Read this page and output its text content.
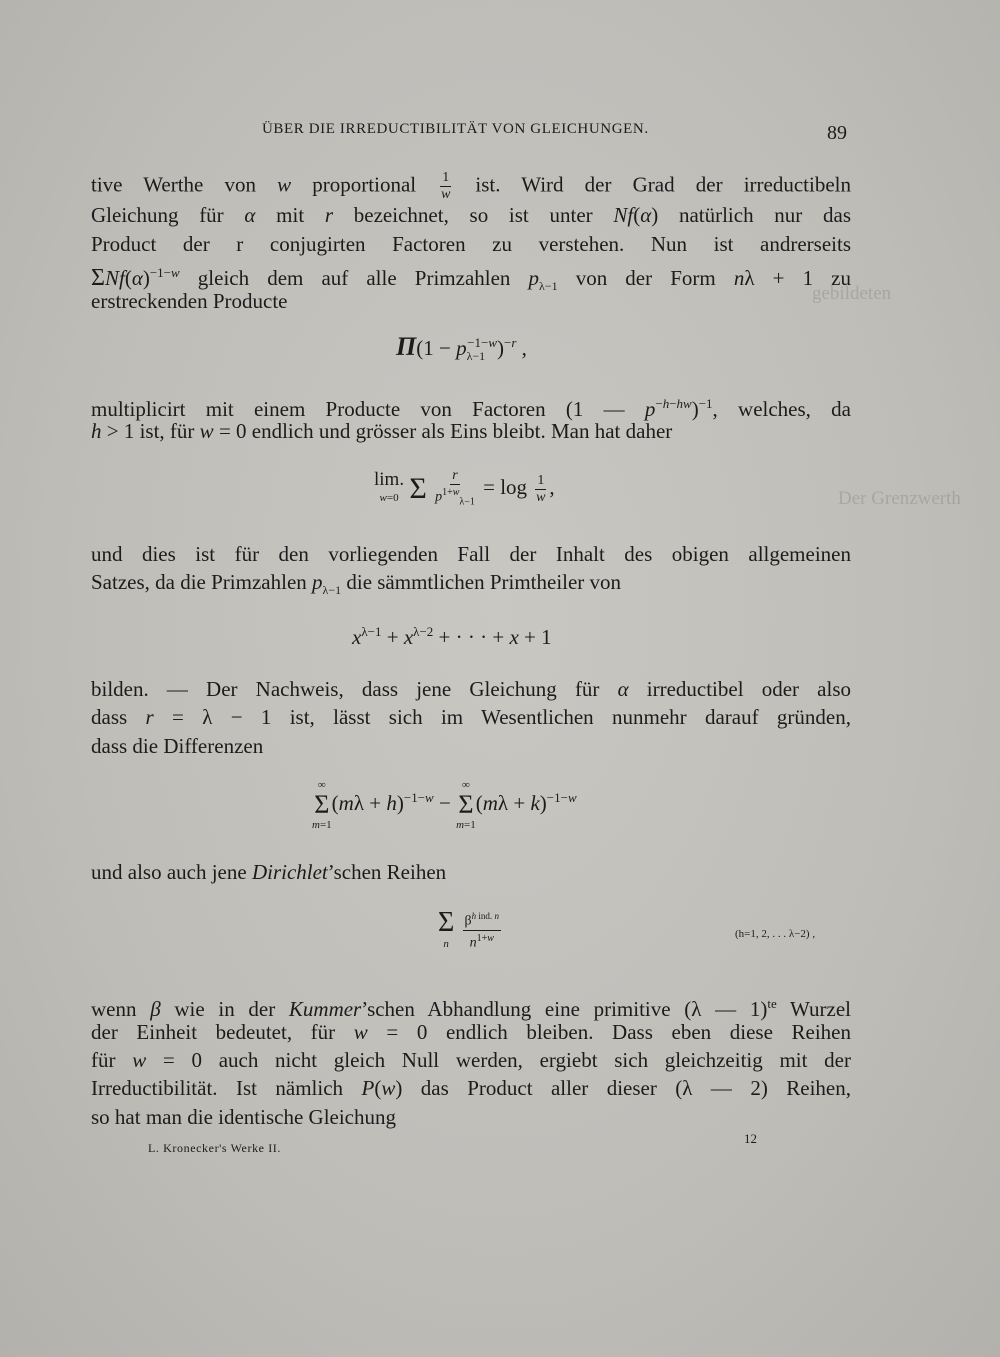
gebildeten
Der Grenzwerth
ÜBER DIE IRREDUCTIBILITÄT VON GLEICHUNGEN.	89
tive Werthe von w proportional $\frac{1}{w}$ ist. Wird der Grad der irreductibeln
Gleichung für α mit r bezeichnet, so ist unter Nf(α) natürlich nur das
Product der r conjugirten Factoren zu verstehen. Nun ist andrerseits
$\Sigma Nf(\alpha)^{-1-w}$ gleich dem auf alle Primzahlen $p_{\lambda-1}$ von der Form nλ + 1 zu
erstreckenden Producte
$\Pi(1 - p_{\lambda-1}^{-1-w})^{-r}$ ,
multiplicirt mit einem Producte von Factoren (1 — $p^{-h-hw})^{-1}$, welches, da
h > 1 ist, für w = 0 endlich und grösser als Eins bleibt. Man hat daher
lim.
w=0 Σ $\frac{r}{p^{1+w}_{\lambda-1}} = \log \frac{1}{w}$ ,
und dies ist für den vorliegenden Fall der Inhalt des obigen allgemeinen
Satzes, da die Primzahlen $p_{\lambda-1}$ die sämmtlichen Primtheiler von
$x^{\lambda-1} + x^{\lambda-2}$ + · · · + x + 1
bilden. — Der Nachweis, dass jene Gleichung für α irreductibel oder also
dass r = λ − 1 ist, lässt sich im Wesentlichen nunmehr darauf gründen,
dass die Differenzen
∞
Σ
m=1
$(m\lambda + h)^{-1-w}$ −
∞
Σ
m=1
$(m\lambda + k)^{-1-w}$
und also auch jene Dirichlet’schen Reihen
Σ
n
$\frac{\beta^{h ind. n}}{n^{1+w}}$	(h=1, 2, . . . λ−2) ,
wenn β wie in der Kummer’schen Abhandlung eine primitive (λ — 1)$^{te}$ Wurzel
der Einheit bedeutet, für w = 0 endlich bleiben. Dass eben diese Reihen
für w = 0 auch nicht gleich Null werden, ergiebt sich gleichzeitig mit der
Irreductibilität. Ist nämlich P(w) das Product aller dieser (λ — 2) Reihen,
so hat man die identische Gleichung
L. Kronecker's Werke II.
12
